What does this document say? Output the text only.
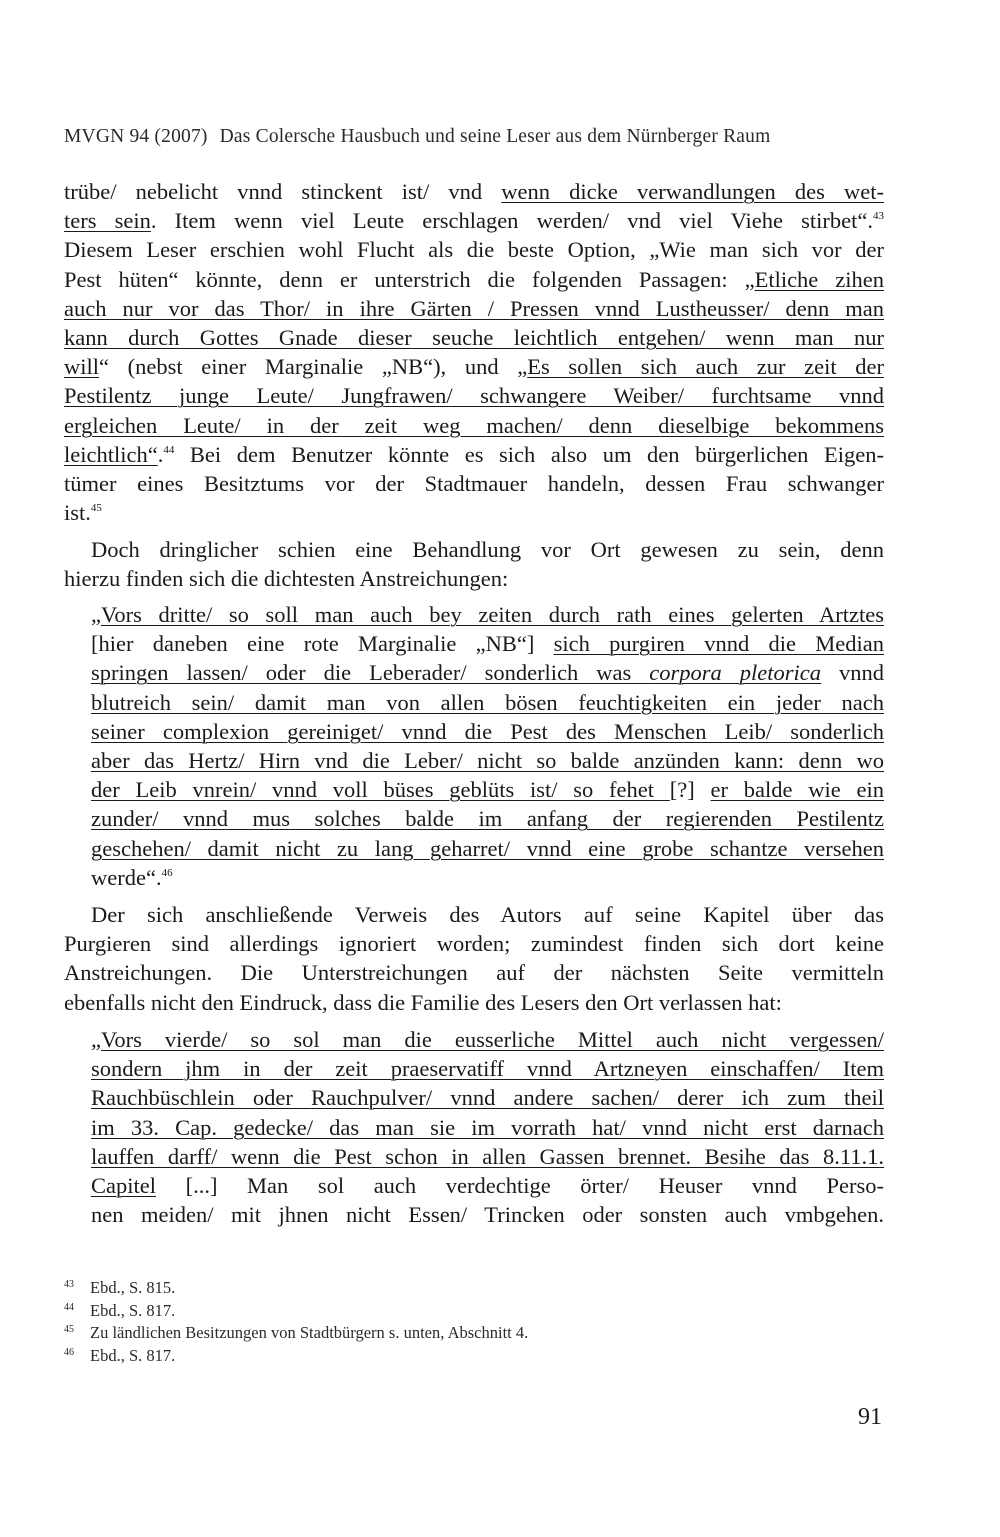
MVGN 94 (2007) Das Colersche Hausbuch und seine Leser aus dem Nürnberger Raum
trübe/ nebelicht vnnd stinckent ist/ vnd wenn dicke verwandlungen des wet-
ters sein. Item wenn viel Leute erschlagen werden/ vnd viel Viehe stirbet“.$^{43}$
Diesem Leser erschien wohl Flucht als die beste Option, „Wie man sich vor der
Pest hüten“ könnte, denn er unterstrich die folgenden Passagen: „Etliche zihen
auch nur vor das Thor/ in ihre Gärten / Pressen vnnd Lustheusser/ denn man
kann durch Gottes Gnade dieser seuche leichtlich entgehen/ wenn man nur
will“ (nebst einer Marginalie „NB“), und „Es sollen sich auch zur zeit der
Pestilentz junge Leute/ Jungfrawen/ schwangere Weiber/ furchtsame vnnd
ergleichen Leute/ in der zeit weg machen/ denn dieselbige bekommens
leichtlich“.$^{44}$ Bei dem Benutzer könnte es sich also um den bürgerlichen Eigen-
tümer eines Besitztums vor der Stadtmauer handeln, dessen Frau schwanger
ist.$^{45}$
Doch dringlicher schien eine Behandlung vor Ort gewesen zu sein, denn
hierzu finden sich die dichtesten Anstreichungen:
„Vors dritte/ so soll man auch bey zeiten durch rath eines gelerten Artztes
[hier daneben eine rote Marginalie „NB“] sich purgiren vnnd die Median
springen lassen/ oder die Leberader/ sonderlich was corpora pletorica vnnd
blutreich sein/ damit man von allen bösen feuchtigkeiten ein jeder nach
seiner complexion gereiniget/ vnnd die Pest des Menschen Leib/ sonderlich
aber das Hertz/ Hirn vnd die Leber/ nicht so balde anzünden kann: denn wo
der Leib vnrein/ vnnd voll büses geblüts ist/ so fehet [?] er balde wie ein
zunder/ vnnd mus solches balde im anfang der regierenden Pestilentz
geschehen/ damit nicht zu lang geharret/ vnnd eine grobe schantze versehen
werde“.$^{46}$
Der sich anschließende Verweis des Autors auf seine Kapitel über das
Purgieren sind allerdings ignoriert worden; zumindest finden sich dort keine
Anstreichungen. Die Unterstreichungen auf der nächsten Seite vermitteln
ebenfalls nicht den Eindruck, dass die Familie des Lesers den Ort verlassen hat:
„Vors vierde/ so sol man die eusserliche Mittel auch nicht vergessen/
sondern jhm in der zeit praeservatiff vnnd Artzneyen einschaffen/ Item
Rauchbüschlein oder Rauchpulver/ vnnd andere sachen/ derer ich zum theil
im 33. Cap. gedecke/ das man sie im vorrath hat/ vnnd nicht erst darnach
lauffen darff/ wenn die Pest schon in allen Gassen brennet. Besihe das 8.11.1.
Capitel [...] Man sol auch verdechtige örter/ Heuser vnnd Perso-
nen meiden/ mit jhnen nicht Essen/ Trincken oder sonsten auch vmbgehen.
43 Ebd., S. 815.
44 Ebd., S. 817.
45 Zu ländlichen Besitzungen von Stadtbürgern s. unten, Abschnitt 4.
46 Ebd., S. 817.
91
